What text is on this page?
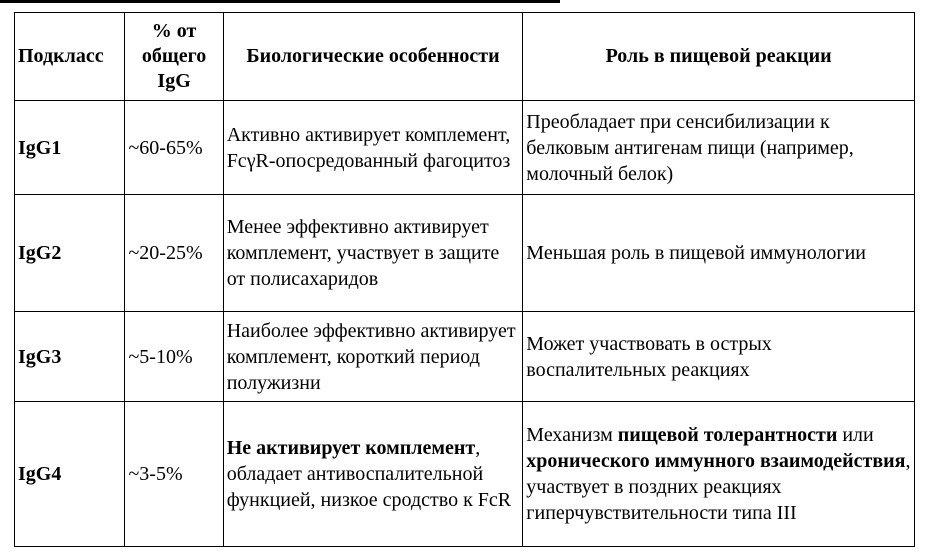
Подкласс	% от общего IgG	Биологические особенности	Роль в пищевой реакции
IgG1	~60-65%	Активно активирует комплемент, FcγR-опосредованный фагоцитоз	Преобладает при сенсибилизации к белковым антигенам пищи (например, молочный белок)
IgG2	~20-25%	Менее эффективно активирует комплемент, участвует в защите от полисахаридов	Меньшая роль в пищевой иммунологии
IgG3	~5-10%	Наиболее эффективно активирует комплемент, короткий период полужизни	Может участвовать в острых воспалительных реакциях
IgG4	~3-5%	Не активирует комплемент, обладает антивоспалительной функцией, низкое сродство к FcR	Механизм пищевой толерантности или хронического иммунного взаимодействия, участвует в поздних реакциях гиперчувствительности типа III
